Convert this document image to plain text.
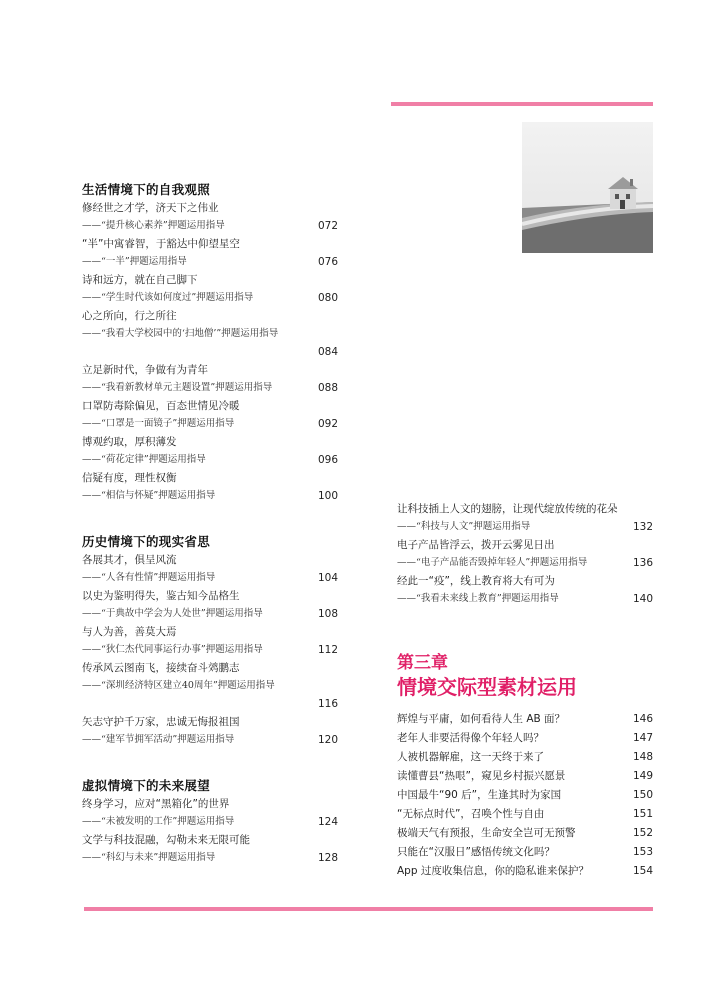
生活情境下的自我观照
修经世之才学，济天下之伟业
——“提升核心素养”押题运用指导	072
“半”中寓睿智，于豁达中仰望星空
——“一半”押题运用指导	076
诗和远方，就在自己脚下
——“学生时代该如何度过”押题运用指导	080
心之所向，行之所往
——“我看大学校园中的‘扫地僧’”押题运用指导
084
立足新时代，争做有为青年
——“我看新教材单元主题设置”押题运用指导	088
口罩防毒除偏见，百态世情见冷暖
——“口罩是一面镜子”押题运用指导	092
博观约取，厚积薄发
——“荷花定律”押题运用指导	096
信疑有度，理性权衡
——“相信与怀疑”押题运用指导	100
历史情境下的现实省思
各展其才，俱呈风流
——“人各有性情”押题运用指导	104
以史为鉴明得失，鉴古知今品格生
——“于典故中学会为人处世”押题运用指导	108
与人为善，善莫大焉
——“狄仁杰代同事运行办事”押题运用指导	112
传承风云图南飞，接续奋斗䴔鹏志
——“深圳经济特区建立40周年”押题运用指导
116
矢志守护千万家，忠诚无悔报祖国
——“建军节拥军活动”押题运用指导	120
虚拟情境下的未来展望
终身学习，应对“黑箱化”的世界
——“未被发明的工作”押题运用指导	124
文学与科技混融，勾勒未来无限可能
——“科幻与未来”押题运用指导	128
让科技插上人文的翅膀，让现代绽放传统的花朵
——“科技与人文”押题运用指导	132
电子产品皆浮云，拨开云雾见日出
——“电子产品能否毁掉年轻人”押题运用指导	136
经此一“疫”，线上教育将大有可为
——“我看未来线上教育”押题运用指导	140
第三章
情境交际型素材运用
辉煌与平庸，如何看待人生 AB 面？	146
老年人非要活得像个年轻人吗？	147
人被机器解雇，这一天终于来了	148
读懂曹县“热哏”，窥见乡村振兴愿景	149
中国最牛“90 后”，生逢其时为家国	150
“无标点时代”，召唤个性与自由	151
极端天气有预报，生命安全岂可无预警	152
只能在“汉服日”感悟传统文化吗？	153
App 过度收集信息，你的隐私谁来保护？	154
